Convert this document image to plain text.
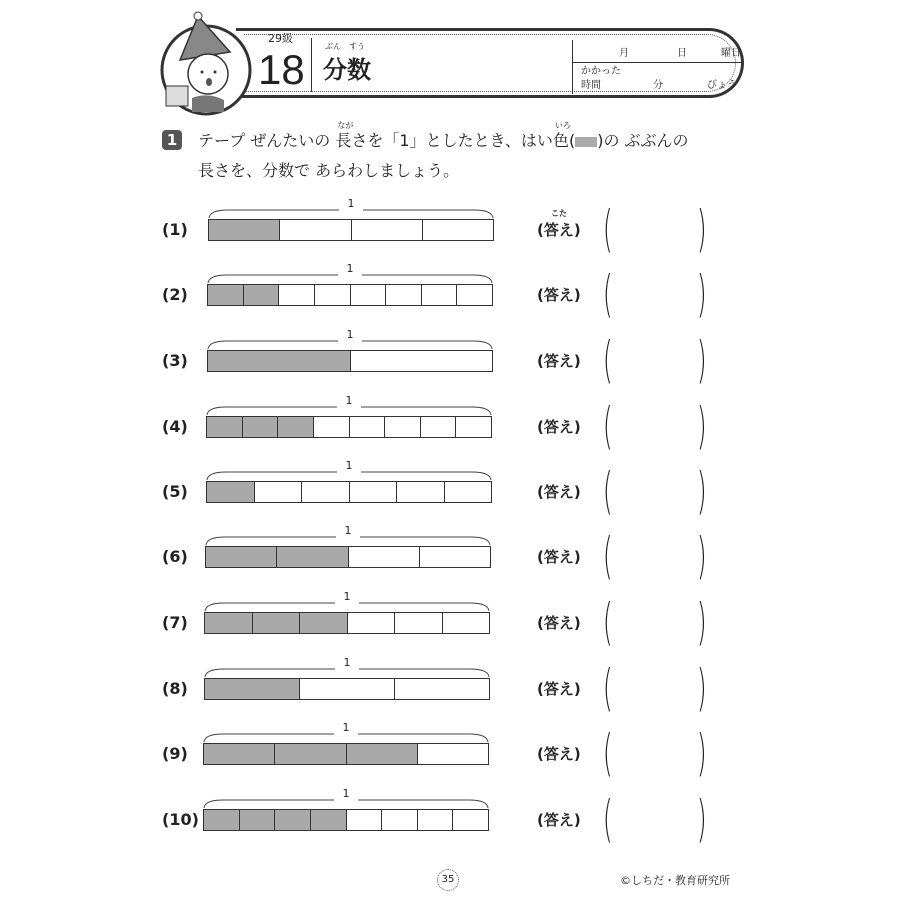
29級
18	ぶん すう
分数
月	日	曜日
かかった
時間	分	びょう
1 テープ ぜんたいの
なが
長さを「1」としたとき、はい
いろ
色( )の ぶぶんの
長さを、分数で あらわしましょう。
(1)
1
こた
(答え) ( )
(2)
1
(答え) ( )
(3)
1
(答え) ( )
(4)
1
(答え) ( )
(5)
1
(答え) ( )
(6)
1
(答え) ( )
(7)
1
(答え) ( )
(8)
1
(答え) ( )
(9)
1
(答え) ( )
(10)
1
(答え) ( )
35	©しちだ・教育研究所
